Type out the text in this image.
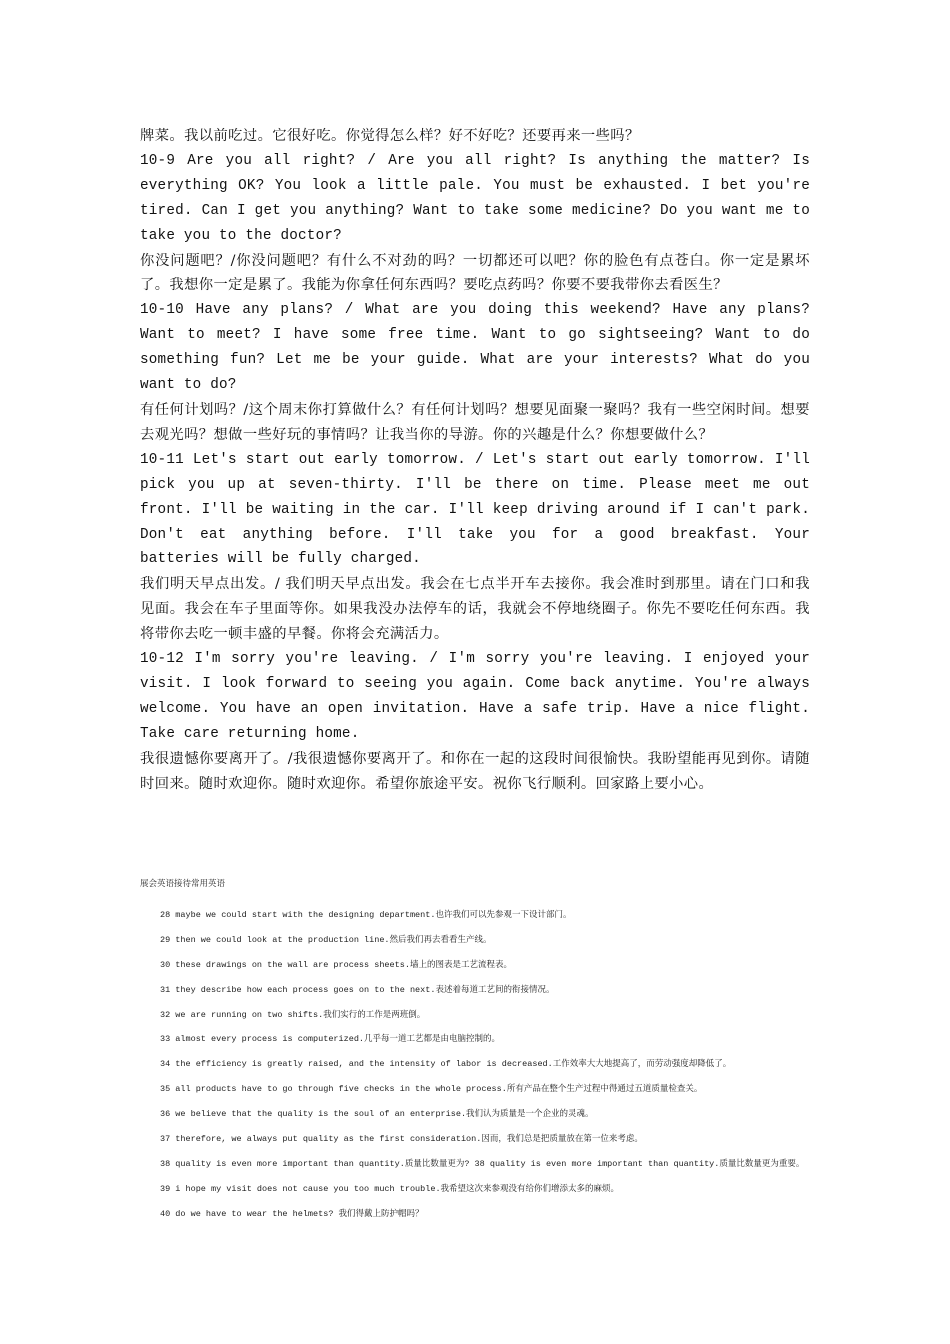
牌菜。我以前吃过。它很好吃。你觉得怎么样？好不好吃？还要再来一些吗？

10-9 Are you all right? / Are you all right? Is anything the matter? Is everything OK? You look a little pale. You must be exhausted. I bet you're tired. Can I get you anything? Want to take some medicine? Do you want me to take you to the doctor?

你没问题吧？/你没问题吧？有什么不对劲的吗？一切都还可以吧？你的脸色有点苍白。你一定是累坏了。我想你一定是累了。我能为你拿任何东西吗？要吃点药吗？你要不要我带你去看医生？

10-10 Have any plans? / What are you doing this weekend? Have any plans? Want to meet? I have some free time. Want to go sightseeing? Want to do something fun? Let me be your guide. What are your interests? What do you want to do?

有任何计划吗？/这个周末你打算做什么？有任何计划吗？想要见面聚一聚吗？我有一些空闲时间。想要去观光吗？想做一些好玩的事情吗？让我当你的导游。你的兴趣是什么？你想要做什么？

10-11 Let's start out early tomorrow. / Let's start out early tomorrow. I'll pick you up at seven-thirty. I'll be there on time. Please meet me out front. I'll be waiting in the car. I'll keep driving around if I can't park. Don't eat anything before. I'll take you for a good breakfast. Your batteries will be fully charged.

我们明天早点出发。/ 我们明天早点出发。我会在七点半开车去接你。我会准时到那里。请在门口和我见面。我会在车子里面等你。如果我没办法停车的话，我就会不停地绕圈子。你先不要吃任何东西。我将带你去吃一顿丰盛的早餐。你将会充满活力。

10-12 I'm sorry you're leaving. / I'm sorry you're leaving. I enjoyed your visit. I look forward to seeing you again. Come back anytime. You're always welcome. You have an open invitation. Have a safe trip. Have a nice flight. Take care returning home.

我很遗憾你要离开了。/我很遗憾你要离开了。和你在一起的这段时间很愉快。我盼望能再见到你。请随时回来。随时欢迎你。随时欢迎你。希望你旅途平安。祝你飞行顺利。回家路上要小心。

展会英语接待常用英语
28 maybe we could start with the designing department.也许我们可以先参观一下设计部门。
29 then we could look at the production line.然后我们再去看看生产线。
30 these drawings on the wall are process sheets.墙上的图表是工艺流程表。
31 they describe how each process goes on to the next.表述着每道工艺间的衔接情况。
32 we are running on two shifts.我们实行的工作是两班倒。
33 almost every process is computerized.几乎每一道工艺都是由电脑控制的。
34 the efficiency is greatly raised, and the intensity of labor is decreased.工作效率大大地提高了，而劳动强度却降低了。
35 all products have to go through five checks in the whole process.所有产品在整个生产过程中得通过五道质量检查关。
36 we believe that the quality is the soul of an enterprise.我们认为质量是一个企业的灵魂。
37 therefore, we always put quality as the first consideration.因而，我们总是把质量放在第一位来考虑。
38 quality is even more important than quantity.质量比数量更为? 38 quality is even more important than quantity.质量比数量更为重要。
39 i hope my visit does not cause you too much trouble.我希望这次来参观没有给你们增添太多的麻烦。
40 do we have to wear the helmets? 我们得戴上防护帽吗？
